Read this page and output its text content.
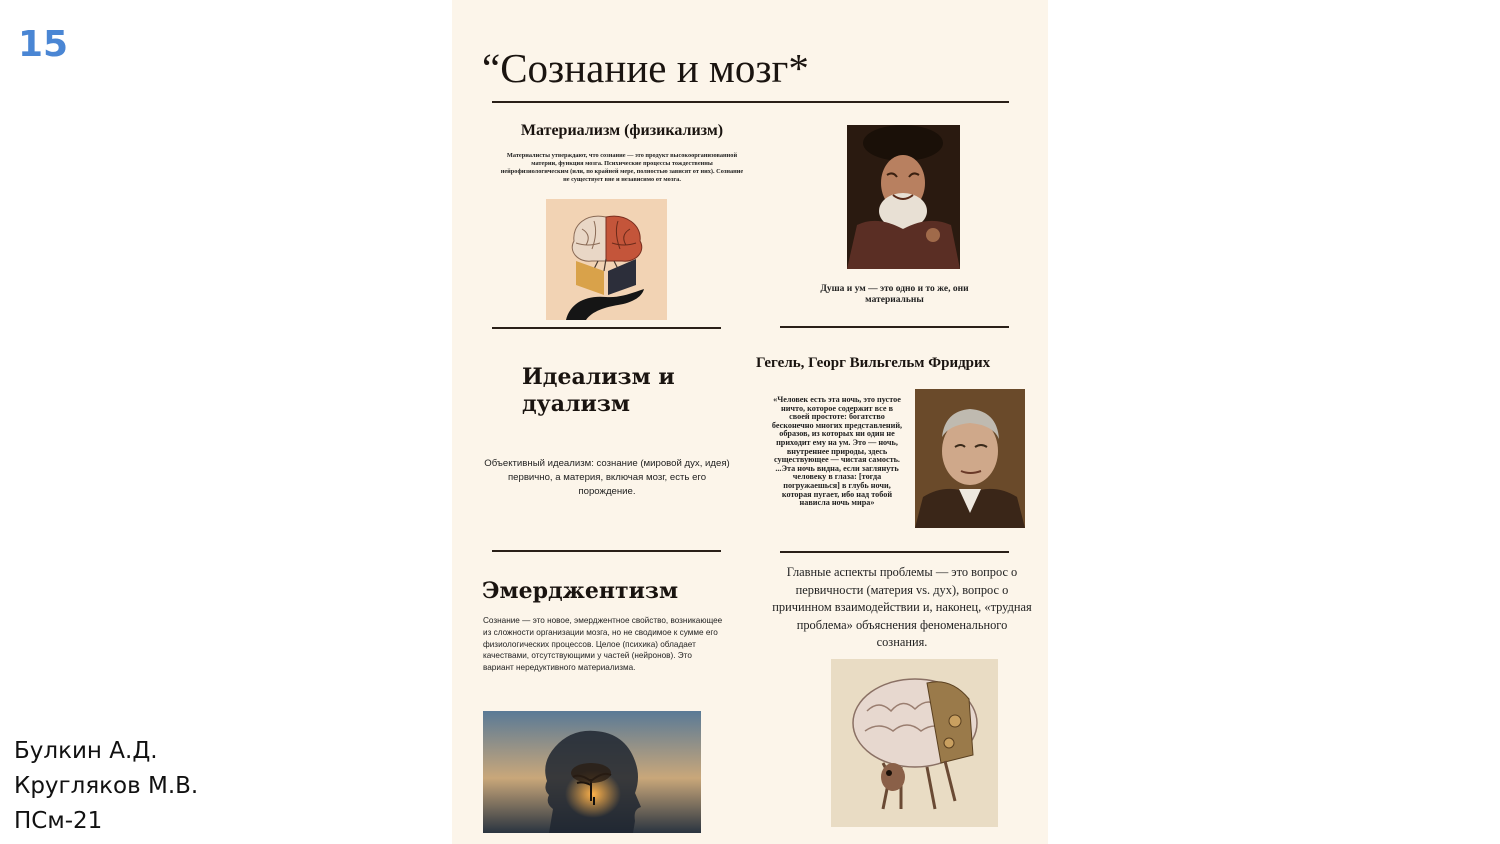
15
Булкин А.Д.
Кругляков М.В.
ПСм-21
“Сознание и мозг*
Материализм (физикализм)
Материалисты утверждают, что сознание — это продукт высокоорганизованной материи, функция мозга. Психические процессы тождественны нейрофизиологическим (или, по крайней мере, полностью зависят от них). Сознание не существует вне и независимо от мозга.
Душа и ум — это одно и то же, они материальны
Идеализм и дуализм
Объективный идеализм: сознание (мировой дух, идея) первично, а материя, включая мозг, есть его порождение.
Гегель, Георг Вильгельм Фридрих
«Человек есть эта ночь, это пустое ничто, которое содержит все в своей простоте: богатство бесконечно многих представлений, образов, из которых ни один не приходит ему на ум. Это — ночь, внутреннее природы, здесь существующее — чистая самость. ...Эта ночь видна, если заглянуть человеку в глаза: [тогда погружаешься] в глубь ночи, которая пугает, ибо над тобой нависла ночь мира»
Эмерджентизм
Сознание — это новое, эмерджентное свойство, возникающее из сложности организации мозга, но не сводимое к сумме его физиологических процессов. Целое (психика) обладает качествами, отсутствующими у частей (нейронов). Это вариант нередуктивного материализма.
Главные аспекты проблемы — это вопрос о первичности (материя vs. дух), вопрос о причинном взаимодействии и, наконец, «трудная проблема» объяснения феноменального сознания.
